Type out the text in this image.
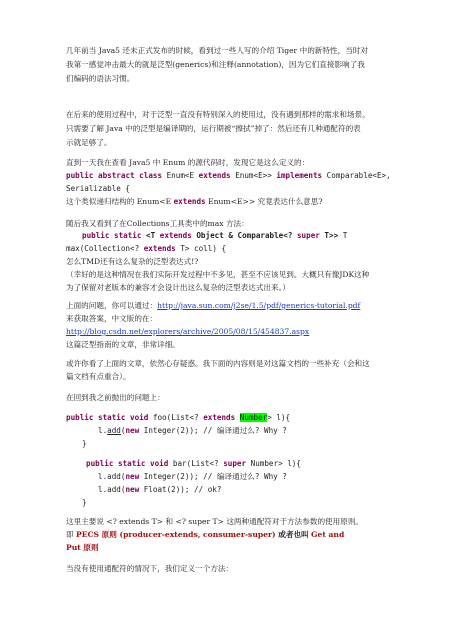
几年前当 Java5 还未正式发布的时候，看到过一些人写的介绍 Tiger 中的新特性，当时对
我第一感觉冲击最大的就是泛型(generics)和注释(annotation)，因为它们直接影响了我
们编码的语法习惯。
在后来的使用过程中，对于泛型一直没有特别深入的使用过，没有遇到那样的需求和场景。
只需要了解 Java 中的泛型是编译期的，运行期被“擦拭”掉了：然后还有几种通配符的表
示就足够了。
直到一天我在查看 Java5 中 Enum 的源代码时，发现它是这么定义的：
public abstract class Enum<E extends Enum<E>> implements Comparable<E>,
Serializable {
这个类似递归结构的 Enum<E extends Enum<E>> 究竟表达什么意思?
随后我又看到了在Collections工具类中的max 方法：
public static <T extends Object & Comparable<? super T>> T
max(Collection<? extends T> coll) {
怎么TMD还有这么复杂的泛型表达式!?
（幸好的是这种情况在我们实际开发过程中不多见，甚至不应该见到。大概只有像JDK这种
为了保留对老版本的兼容才会设计出这么复杂的泛型表达式出来。）
上面的问题，你可以通过：http://java.sun.com/j2se/1.5/pdf/generics-tutorial.pdf
来获取答案，中文版的在：
http://blog.csdn.net/explorers/archive/2005/08/15/454837.aspx
这篇泛型指南的文章，非常详细。
或许你看了上面的文章，依然心存疑惑。我下面的内容则是对这篇文档的一些补充（会和这
篇文档有点重合）。
在回到我之前抛出的问题上：
public static void foo(List<? extends Number> l){
l.add(new Integer(2)); // 编译通过么? Why ?
}
public static void bar(List<? super Number> l){
l.add(new Integer(2)); // 编译通过么? Why ?
l.add(new Float(2)); // ok?
}
这里主要说 <? extends T> 和 <? super T> 这两种通配符对于方法参数的使用原则。
即 PECS 原则 (producer-extends, consumer-super) 或者也叫 Get and
Put 原则
当没有使用通配符的情况下，我们定义一个方法：
